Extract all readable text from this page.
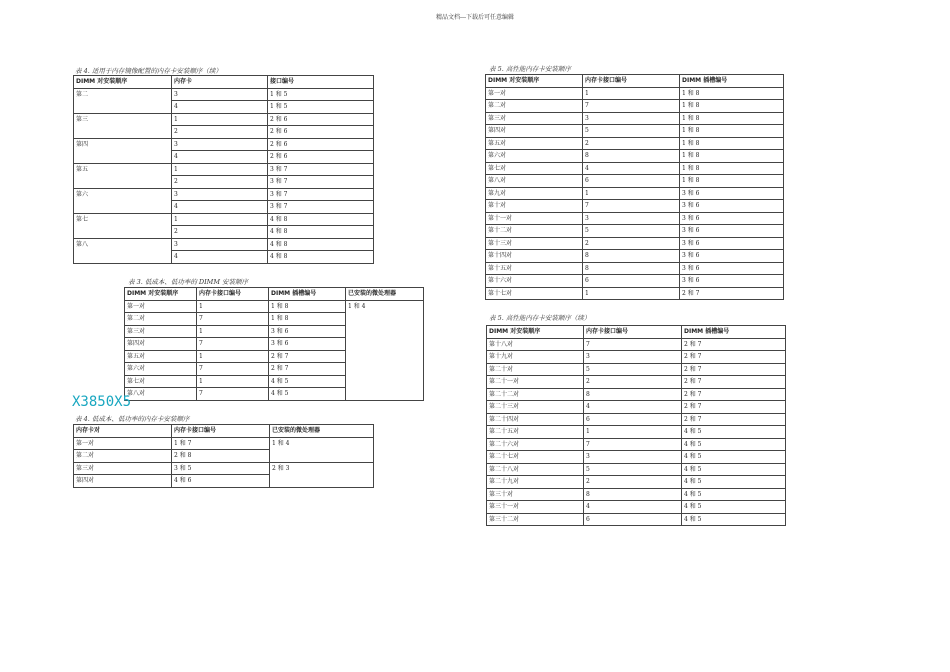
精品文档---下载后可任意编辑
表 4. 适用于内存镜像配置的内存卡安装顺序（续）
DIMM 对安装顺序	内存卡	接口编号
第二	3	1 和 5
	4	1 和 5
第三	1	2 和 6
	2	2 和 6
第四	3	2 和 6
	4	2 和 6
第五	1	3 和 7
	2	3 和 7
第六	3	3 和 7
	4	3 和 7
第七	1	4 和 8
	2	4 和 8
第八	3	4 和 8
	4	4 和 8
表 3. 低成本、低功率的 DIMM 安装顺序
DIMM 对安装顺序	内存卡接口编号	DIMM 插槽编号	已安装的微处理器
第一对	1	1 和 8	1 和 4
第二对	7	1 和 8	
第三对	1	3 和 6	
第四对	7	3 和 6	
第五对	1	2 和 7	
第六对	7	2 和 7	
第七对	1	4 和 5	
第八对	7	4 和 5	
X3850X5
表 4. 低成本、低功率的内存卡安装顺序
内存卡对	内存卡接口编号	已安装的微处理器
第一对	1 和 7	1 和 4
第二对	2 和 8	
第三对	3 和 5	2 和 3
第四对	4 和 6	
表 5. 高性能内存卡安装顺序
DIMM 对安装顺序	内存卡接口编号	DIMM 插槽编号
第一对	1	1 和 8
第二对	7	1 和 8
第三对	3	1 和 8
第四对	5	1 和 8
第五对	2	1 和 8
第六对	8	1 和 8
第七对	4	1 和 8
第八对	6	1 和 8
第九对	1	3 和 6
第十对	7	3 和 6
第十一对	3	3 和 6
第十二对	5	3 和 6
第十三对	2	3 和 6
第十四对	8	3 和 6
第十五对	8	3 和 6
第十六对	6	3 和 6
第十七对	1	2 和 7
表 5. 高性能内存卡安装顺序（续）
DIMM 对安装顺序	内存卡接口编号	DIMM 插槽编号
第十八对	7	2 和 7
第十九对	3	2 和 7
第二十对	5	2 和 7
第二十一对	2	2 和 7
第二十二对	8	2 和 7
第二十三对	4	2 和 7
第二十四对	6	2 和 7
第二十五对	1	4 和 5
第二十六对	7	4 和 5
第二十七对	3	4 和 5
第二十八对	5	4 和 5
第二十九对	2	4 和 5
第三十对	8	4 和 5
第三十一对	4	4 和 5
第三十二对	6	4 和 5
